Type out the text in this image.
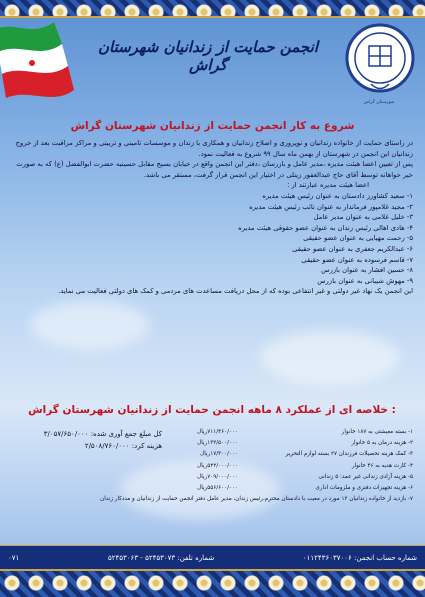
شهرستان گراش
انجمن حمایت از زندانیان شهرستان گراش
شروع به کار انجمن حمایت از زندانیان شهرستان گراش

در راستای حمایت از خانواده زندانیان و نوپروری و اصلاح زندانیان و همکاری با زندان و موسسات تامینی و تربیتی و مراکز مراقبت بعد از خروج زندانیان این انجمن در شهرستان از بهمن ماه سال ۹۹ شروع به فعالیت نمود.

پس از تعیین اعضا هیئت مدیره ،مدیر عامل و بازرسان ،دفتر این انجمن واقع در خیابان بسیج مقابل حسینیه حضرت ابوالفضل (ع) که به صورت خیر خواهانه توسط آقای حاج عبدالغفور زینلی در اختیار این انجمن قرار گرفت، مستقر می باشد.

اعضا هیئت مدیره عبارتند از :

۱- سعید کشاورز دادستان به عنوان رئیس هیئت مدیره
۲- مجید غلامپور فرماندار به عنوان نائب رئیس هیئت مدیره
۳- خلیل غلامی به عنوان مدیر عامل
۴- هادی اهالی رئیس زندان به عنوان عضو حقوقی هیئت مدیره
۵- رحمت مهیایی به عنوان عضو حقیقی
۶- عبدالکریم جعفری به عنوان عضو حقیقی
۷- قاسم فرسوده به عنوان عضو حقیقی
۸- حسین افشار به عنوان بازرس
۹- مهوش شیبانی به عنوان بازرس

این انجمن یک نهاد غیر دولتی و غیر انتفاعی بوده که از محل دریافت مساعدت های مردمی و کمک های دولتی فعالیت می نماید.

خلاصه ای از عملکرد ۸ ماهه انجمن حمایت از زندانیان شهرستان گراش :
۱- بسته معیشتی به ۱۸۷ خانوار
۷۱۱/۴۶۰/۰۰۰ریال
۲- هزینه درمان به ۵ خانوار
۱۳۳/۵۰۰/۰۰۰ریال
۳- کمک هزینه تحصیلات فرزندان ۲۷ بسته لوازم التحریر
۱۷/۳۰۰/۰۰۰ریال
۴- کارت هدیه به ۴۶ خانوار
۵۲۲/۰۰۰/۰۰۰ریال
۵- هزینه آزادی زندانی غیر عمد: ۵ زندانی
۷۰۹/۰۰۰/۰۰۰ریال
۶- هزینه تجهیزات دفتری و ملزومات اداری
۵۵۶/۶۰۰/۰۰۰ریال
۷- بازدید از خانواده زندانیان ۱۲ مورد در معیت با دادستان محترم،رئیس زندان، مدیر عامل دفتر انجمن حمایت از زندانیان و مددکار زندان
کل مبلغ جمع آوری شده: ۳/۰۵۷/۶۵۰/۰۰۰
هزینه کرد: ۲/۵۰۸/۷۶۰/۰۰۰
شماره حساب انجمن: ۰۱۱۲۴۳۶۰۳۷۰۰۶
شماره تلفن: ۵۲۴۵۳۰۷۳ - ۵۲۴۵۳۰۶۳
۰۷۱
